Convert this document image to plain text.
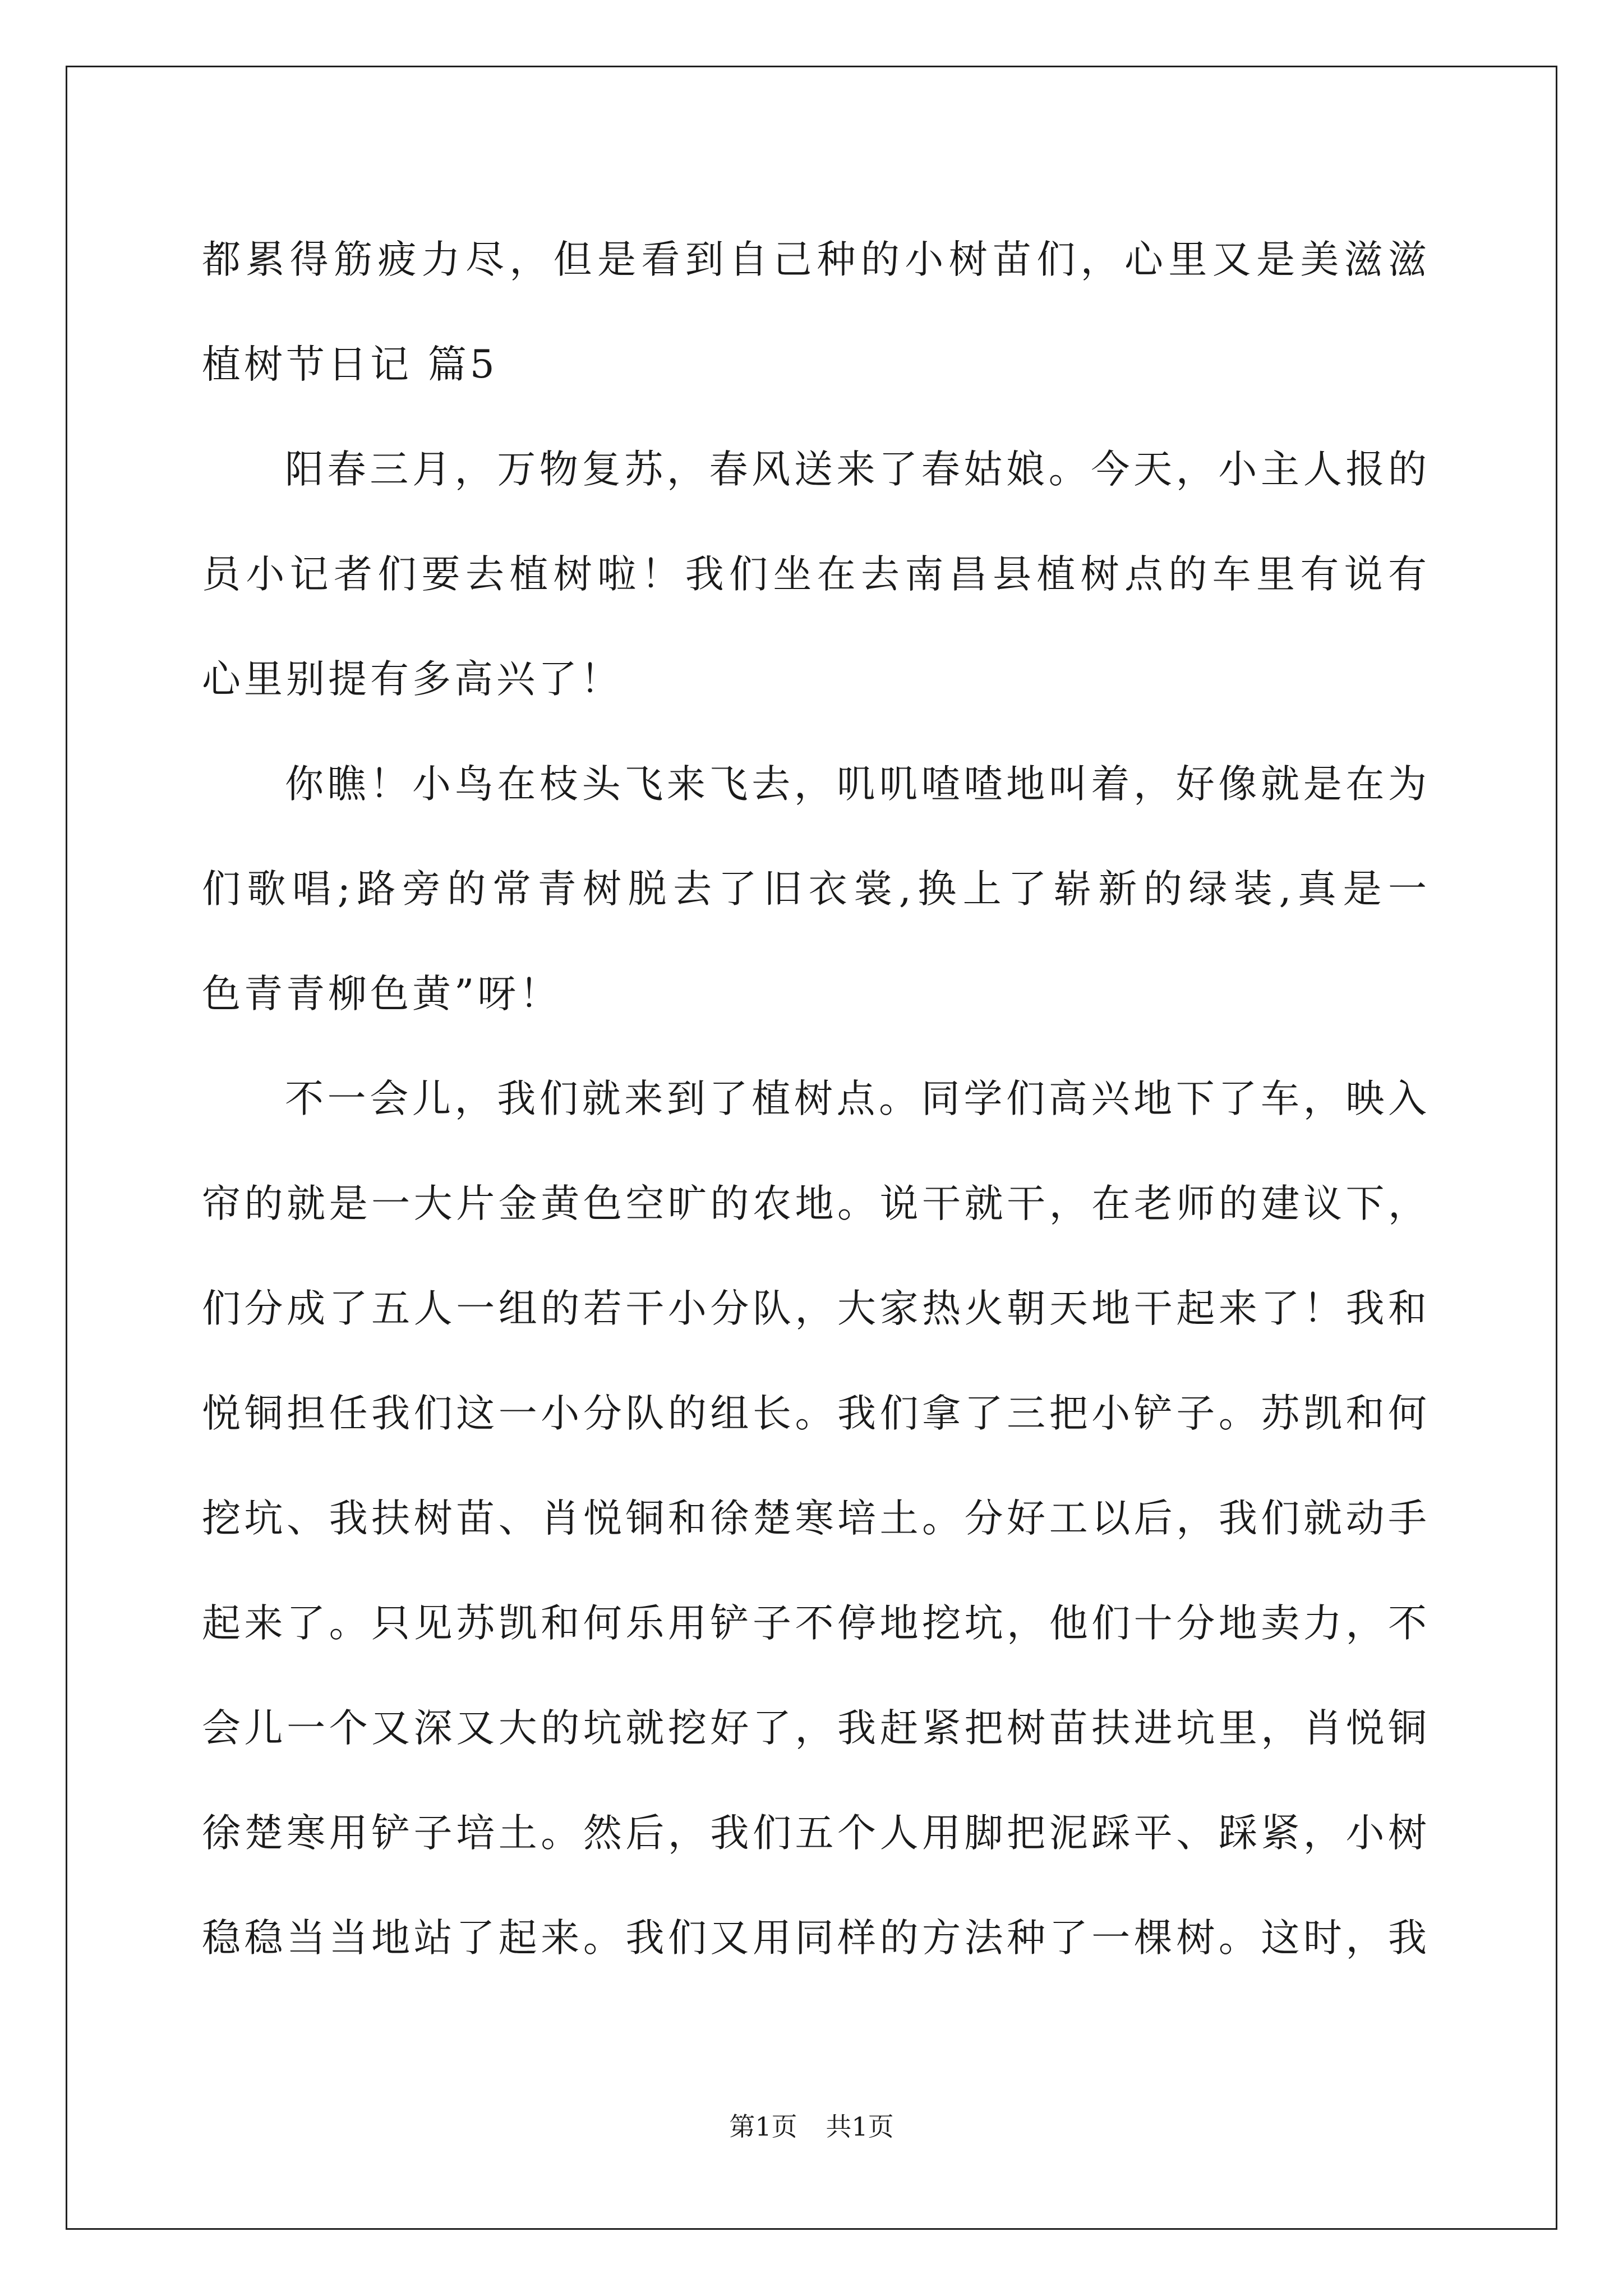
都累得筋疲力尽，但是看到自己种的小树苗们，心里又是美滋滋
植树节日记 篇5
阳春三月，万物复苏，春风送来了春姑娘。今天，小主人报的
员小记者们要去植树啦！我们坐在去南昌县植树点的车里有说有
心里别提有多高兴了！
你瞧！小鸟在枝头飞来飞去，叽叽喳喳地叫着，好像就是在为
们歌唱;路旁的常青树脱去了旧衣裳,换上了崭新的绿装,真是一
色青青柳色黄”呀！
不一会儿，我们就来到了植树点。同学们高兴地下了车，映入
帘的就是一大片金黄色空旷的农地。说干就干，在老师的建议下，
们分成了五人一组的若干小分队，大家热火朝天地干起来了！我和
悦铜担任我们这一小分队的组长。我们拿了三把小铲子。苏凯和何
挖坑、我扶树苗、肖悦铜和徐楚寒培土。分好工以后，我们就动手
起来了。只见苏凯和何乐用铲子不停地挖坑，他们十分地卖力，不
会儿一个又深又大的坑就挖好了，我赶紧把树苗扶进坑里，肖悦铜
徐楚寒用铲子培土。然后，我们五个人用脚把泥踩平、踩紧，小树
稳稳当当地站了起来。我们又用同样的方法种了一棵树。这时，我
第1页 共1页
